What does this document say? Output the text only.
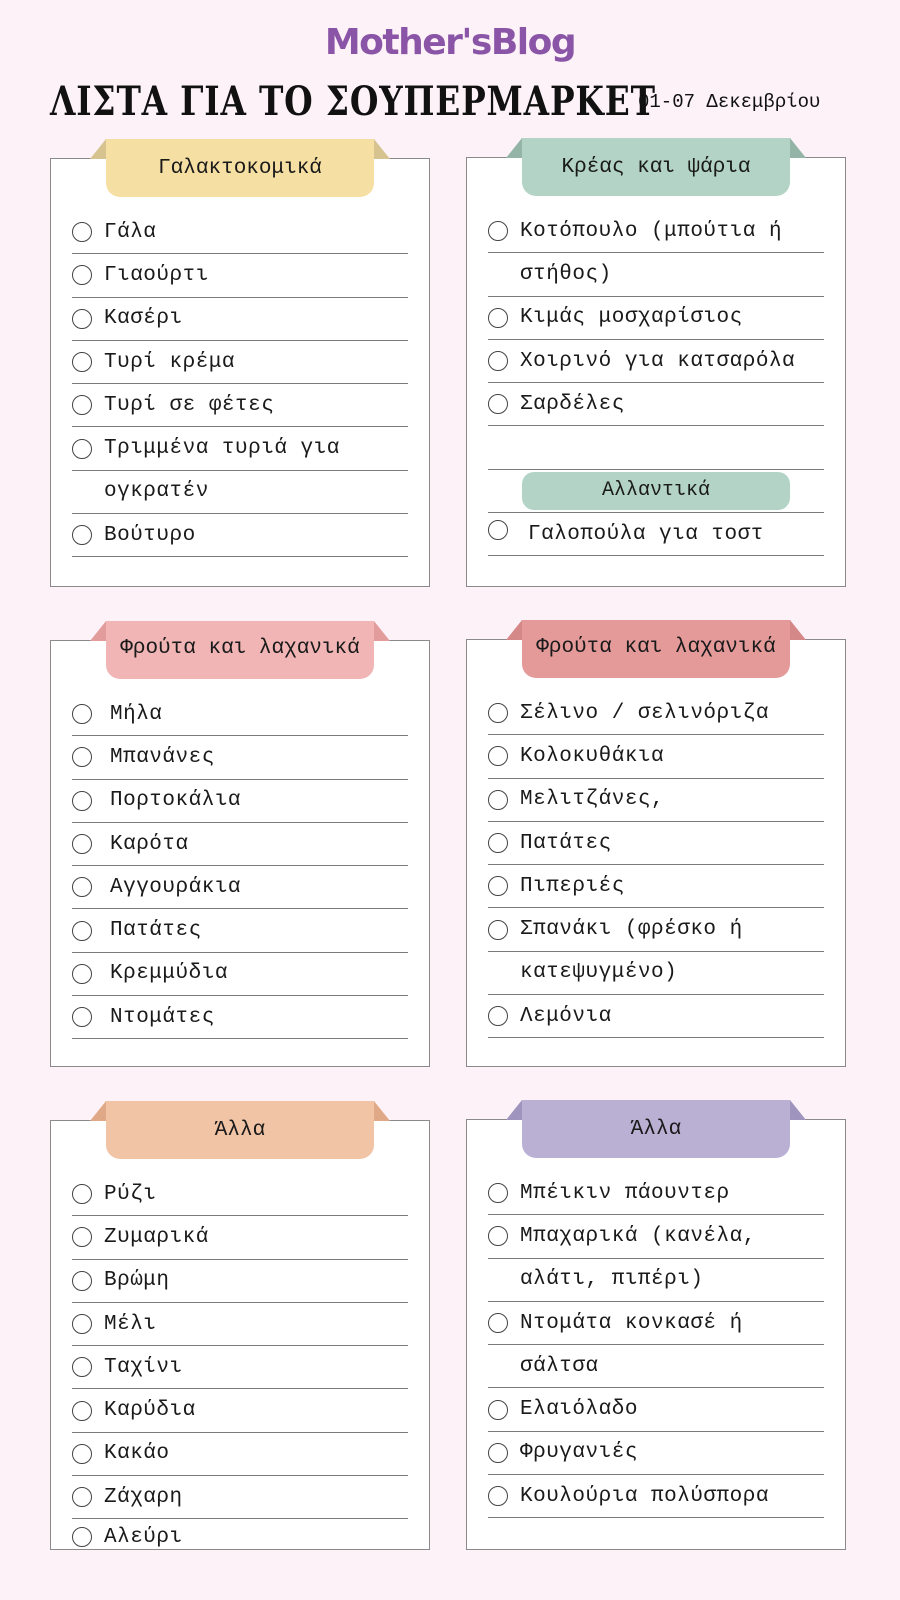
Mother'sBlog
ΛΙΣΤΑ ΓΙΑ ΤΟ ΣΟΥΠΕΡΜΑΡΚΕΤ
01-07 Δεκεμβρίου
Γαλακτοκομικά
Γάλα
Γιαούρτι
Κασέρι
Τυρί κρέμα
Τυρί σε φέτες
Τριμμένα τυριά για
ογκρατέν
Βούτυρο
Κρέας και ψάρια
Κοτόπουλο (μπούτια ή
στήθος)
Κιμάς μοσχαρίσιος
Χοιρινό για κατσαρόλα
Σαρδέλες
Αλλαντικά
Γαλοπούλα για τοστ
Φρούτα και λαχανικά
Μήλα
Μπανάνες
Πορτοκάλια
Καρότα
Αγγουράκια
Πατάτες
Κρεμμύδια
Ντομάτες
Φρούτα και λαχανικά
Σέλινο / σελινόριζα
Κολοκυθάκια
Μελιτζάνες,
Πατάτες
Πιπεριές
Σπανάκι (φρέσκο ή
κατεψυγμένο)
Λεμόνια
Άλλα
Ρύζι
Ζυμαρικά
Βρώμη
Μέλι
Ταχίνι
Καρύδια
Κακάο
Ζάχαρη
Αλεύρι
Άλλα
Μπέικιν πάουντερ
Μπαχαρικά (κανέλα,
αλάτι, πιπέρι)
Ντομάτα κονκασέ ή
σάλτσα
Ελαιόλαδο
Φρυγανιές
Κουλούρια πολύσπορα
